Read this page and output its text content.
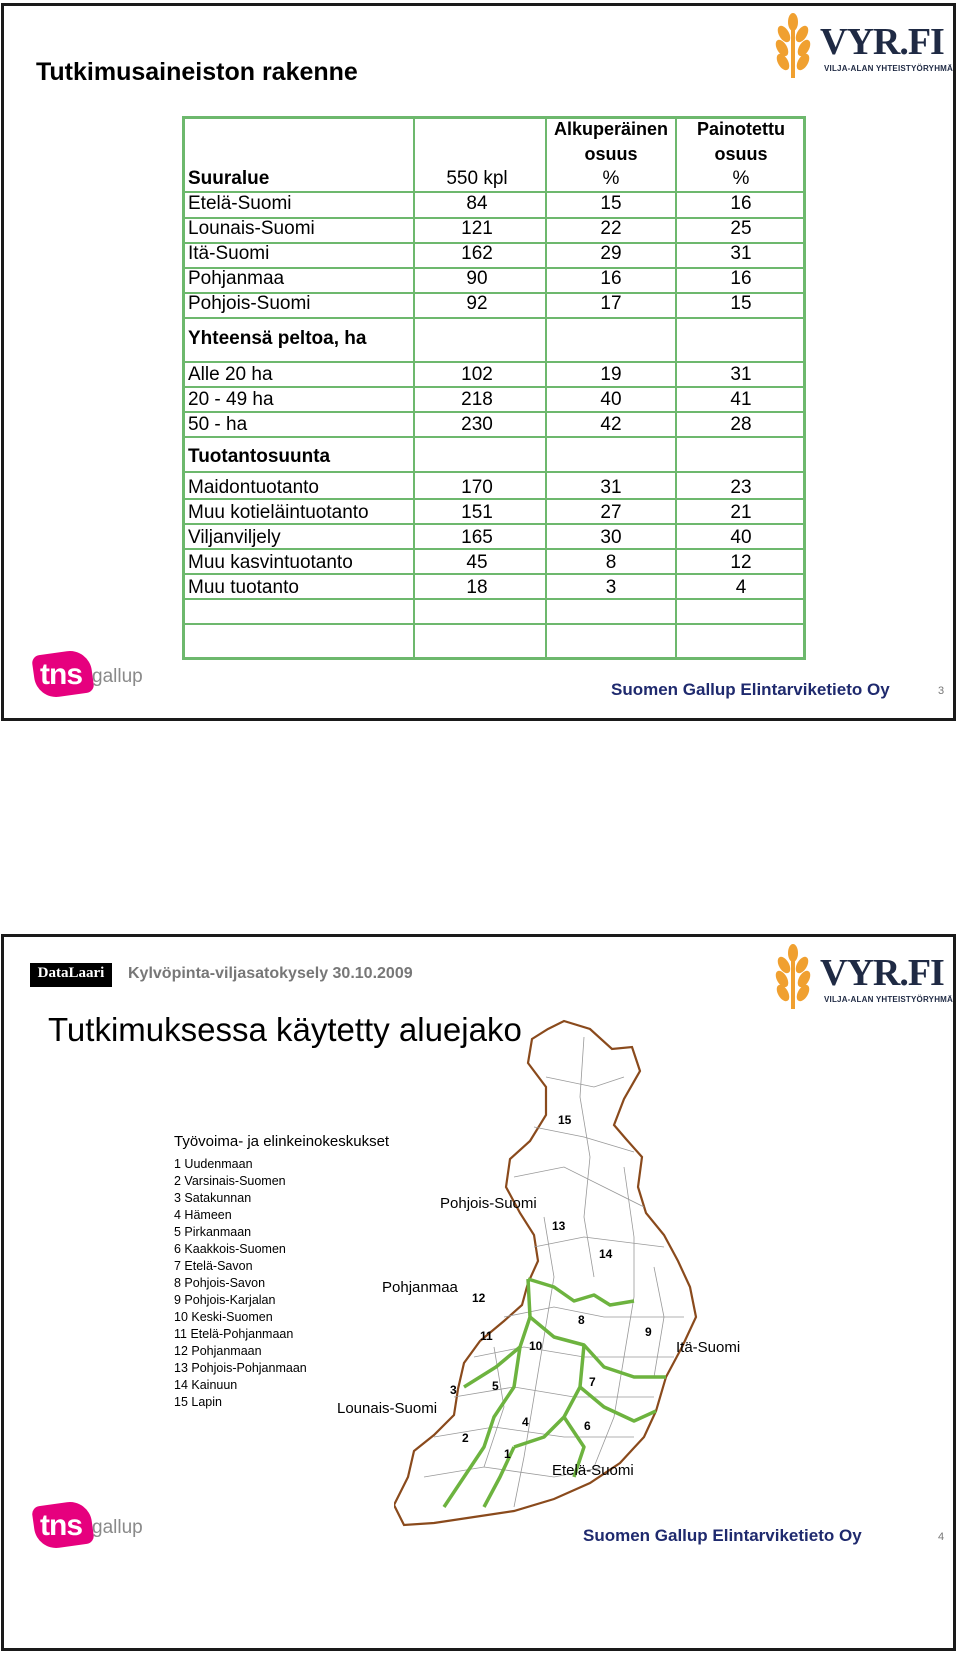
VYR.FI
VILJA-ALAN YHTEISTYÖRYHMÄ
Tutkimusaineiston rakenne
Alkuperäinen	Painotettu
osuus	osuus
Suuralue	550 kpl	%	%
Etelä-Suomi	84	15	16
Lounais-Suomi	121	22	25
Itä-Suomi	162	29	31
Pohjanmaa	90	16	16
Pohjois-Suomi	92	17	15
Yhteensä peltoa, ha
Alle 20 ha	102	19	31
20 - 49 ha	218	40	41
50 - ha	230	42	28
Tuotantosuunta
Maidontuotanto	170	31	23
Muu kotieläintuotanto	151	27	21
Viljanviljely	165	30	40
Muu kasvintuotanto	45	8	12
Muu tuotanto	18	3	4
tns gallup
Suomen Gallup Elintarviketieto Oy	3
DataLaari	Kylvöpinta-viljasatokysely 30.10.2009	VYR.FI
VILJA-ALAN YHTEISTYÖRYHMÄ
Tutkimuksessa käytetty aluejako
Työvoima- ja elinkeinokeskukset
1 Uudenmaan
2 Varsinais-Suomen
3 Satakunnan
4 Hämeen
5 Pirkanmaan
6 Kaakkois-Suomen
7 Etelä-Savon
8 Pohjois-Savon
9 Pohjois-Karjalan
10 Keski-Suomen
11 Etelä-Pohjanmaan
12 Pohjanmaan
13 Pohjois-Pohjanmaan
14 Kainuun
15 Lapin
Pohjois-Suomi
Pohjanmaa
Itä-Suomi
Lounais-Suomi
Etelä-Suomi
15
13
14
12
8
9
11
10
3	5	7
4	6
2
1
tns gallup	Suomen Gallup Elintarviketieto Oy	4
